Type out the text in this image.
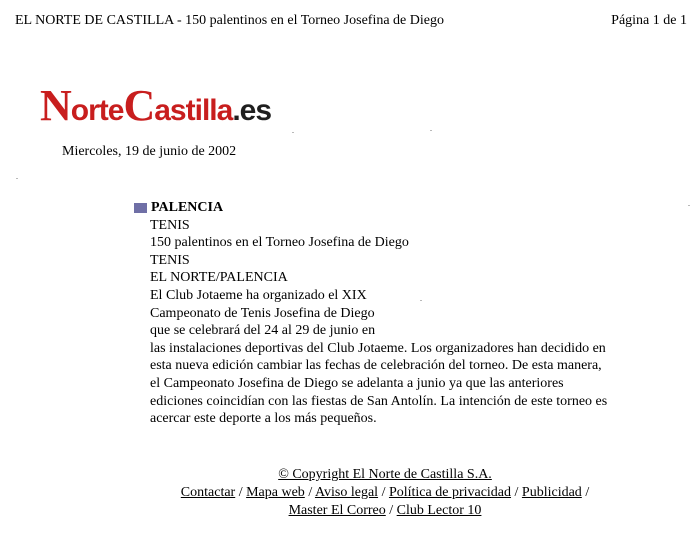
EL NORTE DE CASTILLA - 150 palentinos en el Torneo Josefina de Diego	Página 1 de 1
N orte C astilla .es
Miercoles, 19 de junio de 2002
PALENCIA
TENIS
150 palentinos en el Torneo Josefina de Diego
TENIS
EL NORTE/PALENCIA
El Club Jotaeme ha organizado el XIX
Campeonato de Tenis Josefina de Diego
que se celebrará del 24 al 29 de junio en
las instalaciones deportivas del Club Jotaeme. Los organizadores han decidido en esta nueva edición cambiar las fechas de celebración del torneo. De esta manera, el Campeonato Josefina de Diego se adelanta a junio ya que las anteriores ediciones coincidían con las fiestas de San Antolín. La intención de este torneo es acercar este deporte a los más pequeños.
© Copyright El Norte de Castilla S.A.
Contactar / Mapa web / Aviso legal / Política de privacidad / Publicidad /
Master El Correo / Club Lector 10
